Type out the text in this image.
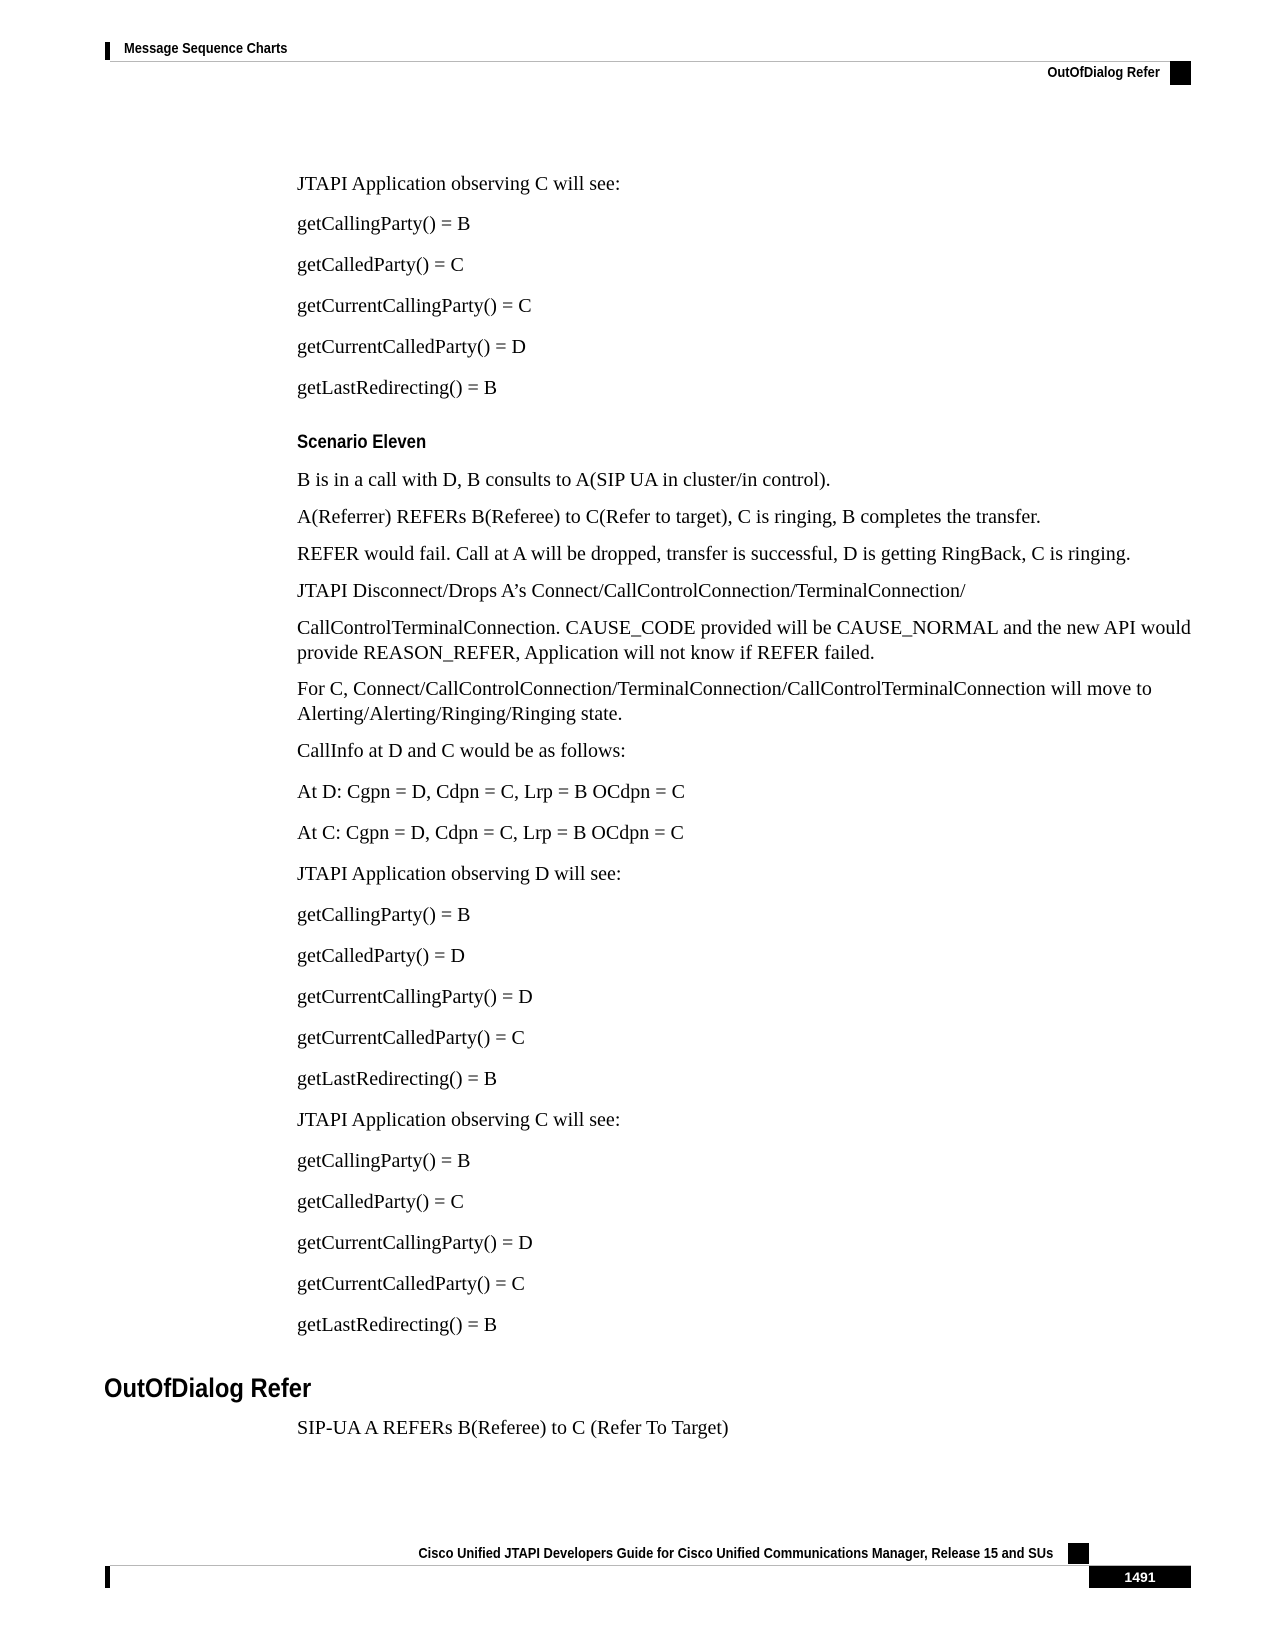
Message Sequence Charts
OutOfDialog Refer
JTAPI Application observing C will see:
getCallingParty() = B
getCalledParty() = C
getCurrentCallingParty() = C
getCurrentCalledParty() = D
getLastRedirecting() = B
Scenario Eleven
B is in a call with D, B consults to A(SIP UA in cluster/in control).
A(Referrer) REFERs B(Referee) to C(Refer to target), C is ringing, B completes the transfer.
REFER would fail. Call at A will be dropped, transfer is successful, D is getting RingBack, C is ringing.
JTAPI Disconnect/Drops A’s Connect/CallControlConnection/TerminalConnection/
CallControlTerminalConnection. CAUSE_CODE provided will be CAUSE_NORMAL and the new API would provide REASON_REFER, Application will not know if REFER failed.
For C, Connect/CallControlConnection/TerminalConnection/CallControlTerminalConnection will move to Alerting/Alerting/Ringing/Ringing state.
CallInfo at D and C would be as follows:
At D: Cgpn = D, Cdpn = C, Lrp = B OCdpn = C
At C: Cgpn = D, Cdpn = C, Lrp = B OCdpn = C
JTAPI Application observing D will see:
getCallingParty() = B
getCalledParty() = D
getCurrentCallingParty() = D
getCurrentCalledParty() = C
getLastRedirecting() = B
JTAPI Application observing C will see:
getCallingParty() = B
getCalledParty() = C
getCurrentCallingParty() = D
getCurrentCalledParty() = C
getLastRedirecting() = B
SIP-UA A REFERs B(Referee) to C (Refer To Target)
OutOfDialog Refer
Cisco Unified JTAPI Developers Guide for Cisco Unified Communications Manager, Release 15 and SUs
1491
